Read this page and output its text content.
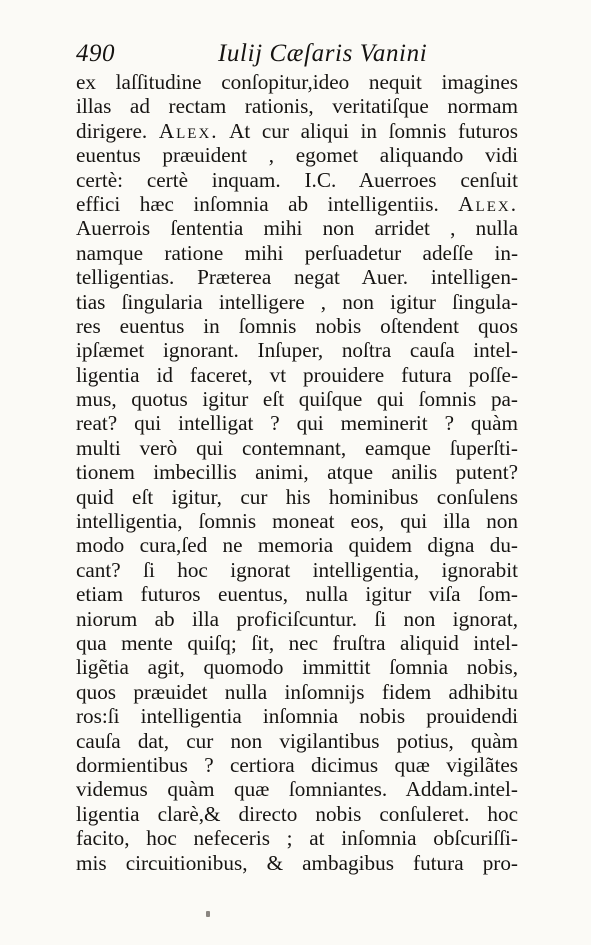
490	Iulij Cæſaris Vanini
ex laſſitudine conſopitur,ideo nequit imagines
illas ad rectam rationis, veritatiſque normam
dirigere. Alex. At cur aliqui in ſomnis futuros
euentus præuident , egomet aliquando vidi
certè: certè inquam. I.C. Auerroes cenſuit
effici hæc inſomnia ab intelligentiis. Alex.
Auerrois ſententia mihi non arridet , nulla
namque ratione mihi perſuadetur adeſſe in-
telligentias. Præterea negat Auer. intelligen-
tias ſingularia intelligere , non igitur ſingula-
res euentus in ſomnis nobis oſtendent quos
ipſæmet ignorant. Inſuper, noſtra cauſa intel-
ligentia id faceret, vt prouidere futura poſſe-
mus, quotus igitur eſt quiſque qui ſomnis pa-
reat? qui intelligat ? qui meminerit ? quàm
multi verò qui contemnant, eamque ſuperſti-
tionem imbecillis animi, atque anilis putent?
quid eſt igitur, cur his hominibus conſulens
intelligentia, ſomnis moneat eos, qui illa non
modo cura,ſed ne memoria quidem digna du-
cant? ſi hoc ignorat intelligentia, ignorabit
etiam futuros euentus, nulla igitur viſa ſom-
niorum ab illa proficiſcuntur. ſi non ignorat,
qua mente quiſq; ſit, nec fruſtra aliquid intel-
ligẽtia agit, quomodo immittit ſomnia nobis,
quos præuidet nulla inſomnijs fidem adhibitu
ros:ſi intelligentia inſomnia nobis prouidendi
cauſa dat, cur non vigilantibus potius, quàm
dormientibus ? certiora dicimus quæ vigilãtes
videmus quàm quæ ſomniantes. Addam.intel-
ligentia clarè,& directo nobis conſuleret. hoc
facito, hoc nefeceris ; at inſomnia obſcuriſſi-
mis circuitionibus, & ambagibus futura pro-
